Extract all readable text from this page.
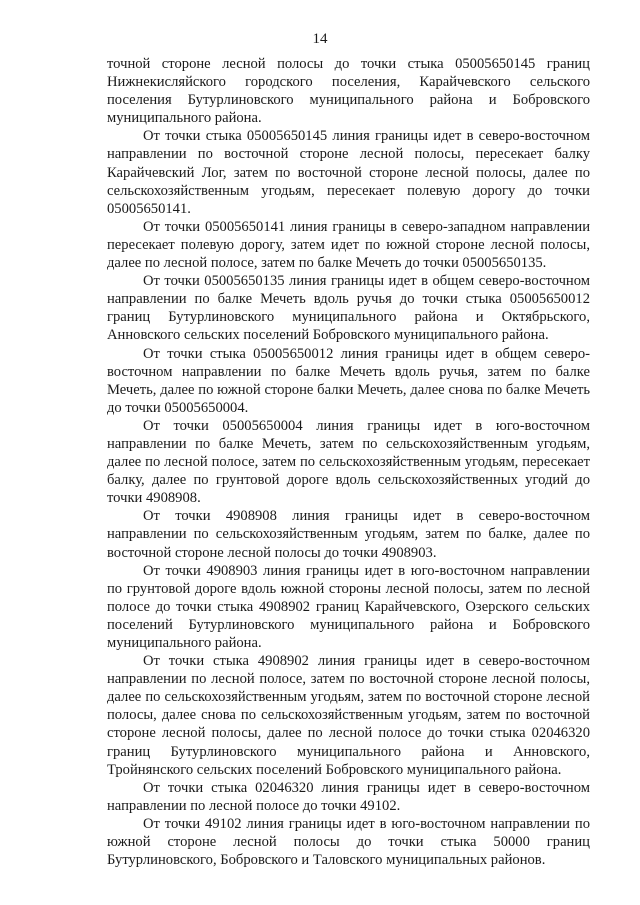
14

точной стороне лесной полосы до точки стыка 05005650145 границ Нижнекисляйского городского поселения, Карайчевского сельского поселения Бутурлиновского муниципального района и Бобровского муниципального района.

От точки стыка 05005650145 линия границы идет в северо-восточном направлении по восточной стороне лесной полосы, пересекает балку Карайчевский Лог, затем по восточной стороне лесной полосы, далее по сельскохозяйственным угодьям, пересекает полевую дорогу до точки 05005650141.

От точки 05005650141 линия границы в северо-западном направлении пересекает полевую дорогу, затем идет по южной стороне лесной полосы, далее по лесной полосе, затем по балке Мечеть до точки 05005650135.

От точки 05005650135 линия границы идет в общем северо-восточном направлении по балке Мечеть вдоль ручья до точки стыка 05005650012 границ Бутурлиновского муниципального района и Октябрьского, Анновского сельских поселений Бобровского муниципального района.

От точки стыка 05005650012 линия границы идет в общем северо-восточном направлении по балке Мечеть вдоль ручья, затем по балке Мечеть, далее по южной стороне балки Мечеть, далее снова по балке Мечеть до точки 05005650004.

От точки 05005650004 линия границы идет в юго-восточном направлении по балке Мечеть, затем по сельскохозяйственным угодьям, далее по лесной полосе, затем по сельскохозяйственным угодьям, пересекает балку, далее по грунтовой дороге вдоль сельскохозяйственных угодий до точки 4908908.

От точки 4908908 линия границы идет в северо-восточном направлении по сельскохозяйственным угодьям, затем по балке, далее по восточной стороне лесной полосы до точки 4908903.

От точки 4908903 линия границы идет в юго-восточном направлении по грунтовой дороге вдоль южной стороны лесной полосы, затем по лесной полосе до точки стыка 4908902 границ Карайчевского, Озерского сельских поселений Бутурлиновского муниципального района и Бобровского муниципального района.

От точки стыка 4908902 линия границы идет в северо-восточном направлении по лесной полосе, затем по восточной стороне лесной полосы, далее по сельскохозяйственным угодьям, затем по восточной стороне лесной полосы, далее снова по сельскохозяйственным угодьям, затем по восточной стороне лесной полосы, далее по лесной полосе до точки стыка 02046320 границ Бутурлиновского муниципального района и Анновского, Тройнянского сельских поселений Бобровского муниципального района.

От точки стыка 02046320 линия границы идет в северо-восточном направлении по лесной полосе до точки 49102.

От точки 49102 линия границы идет в юго-восточном направлении по южной стороне лесной полосы до точки стыка 50000 границ Бутурлиновского, Бобровского и Таловского муниципальных районов.
